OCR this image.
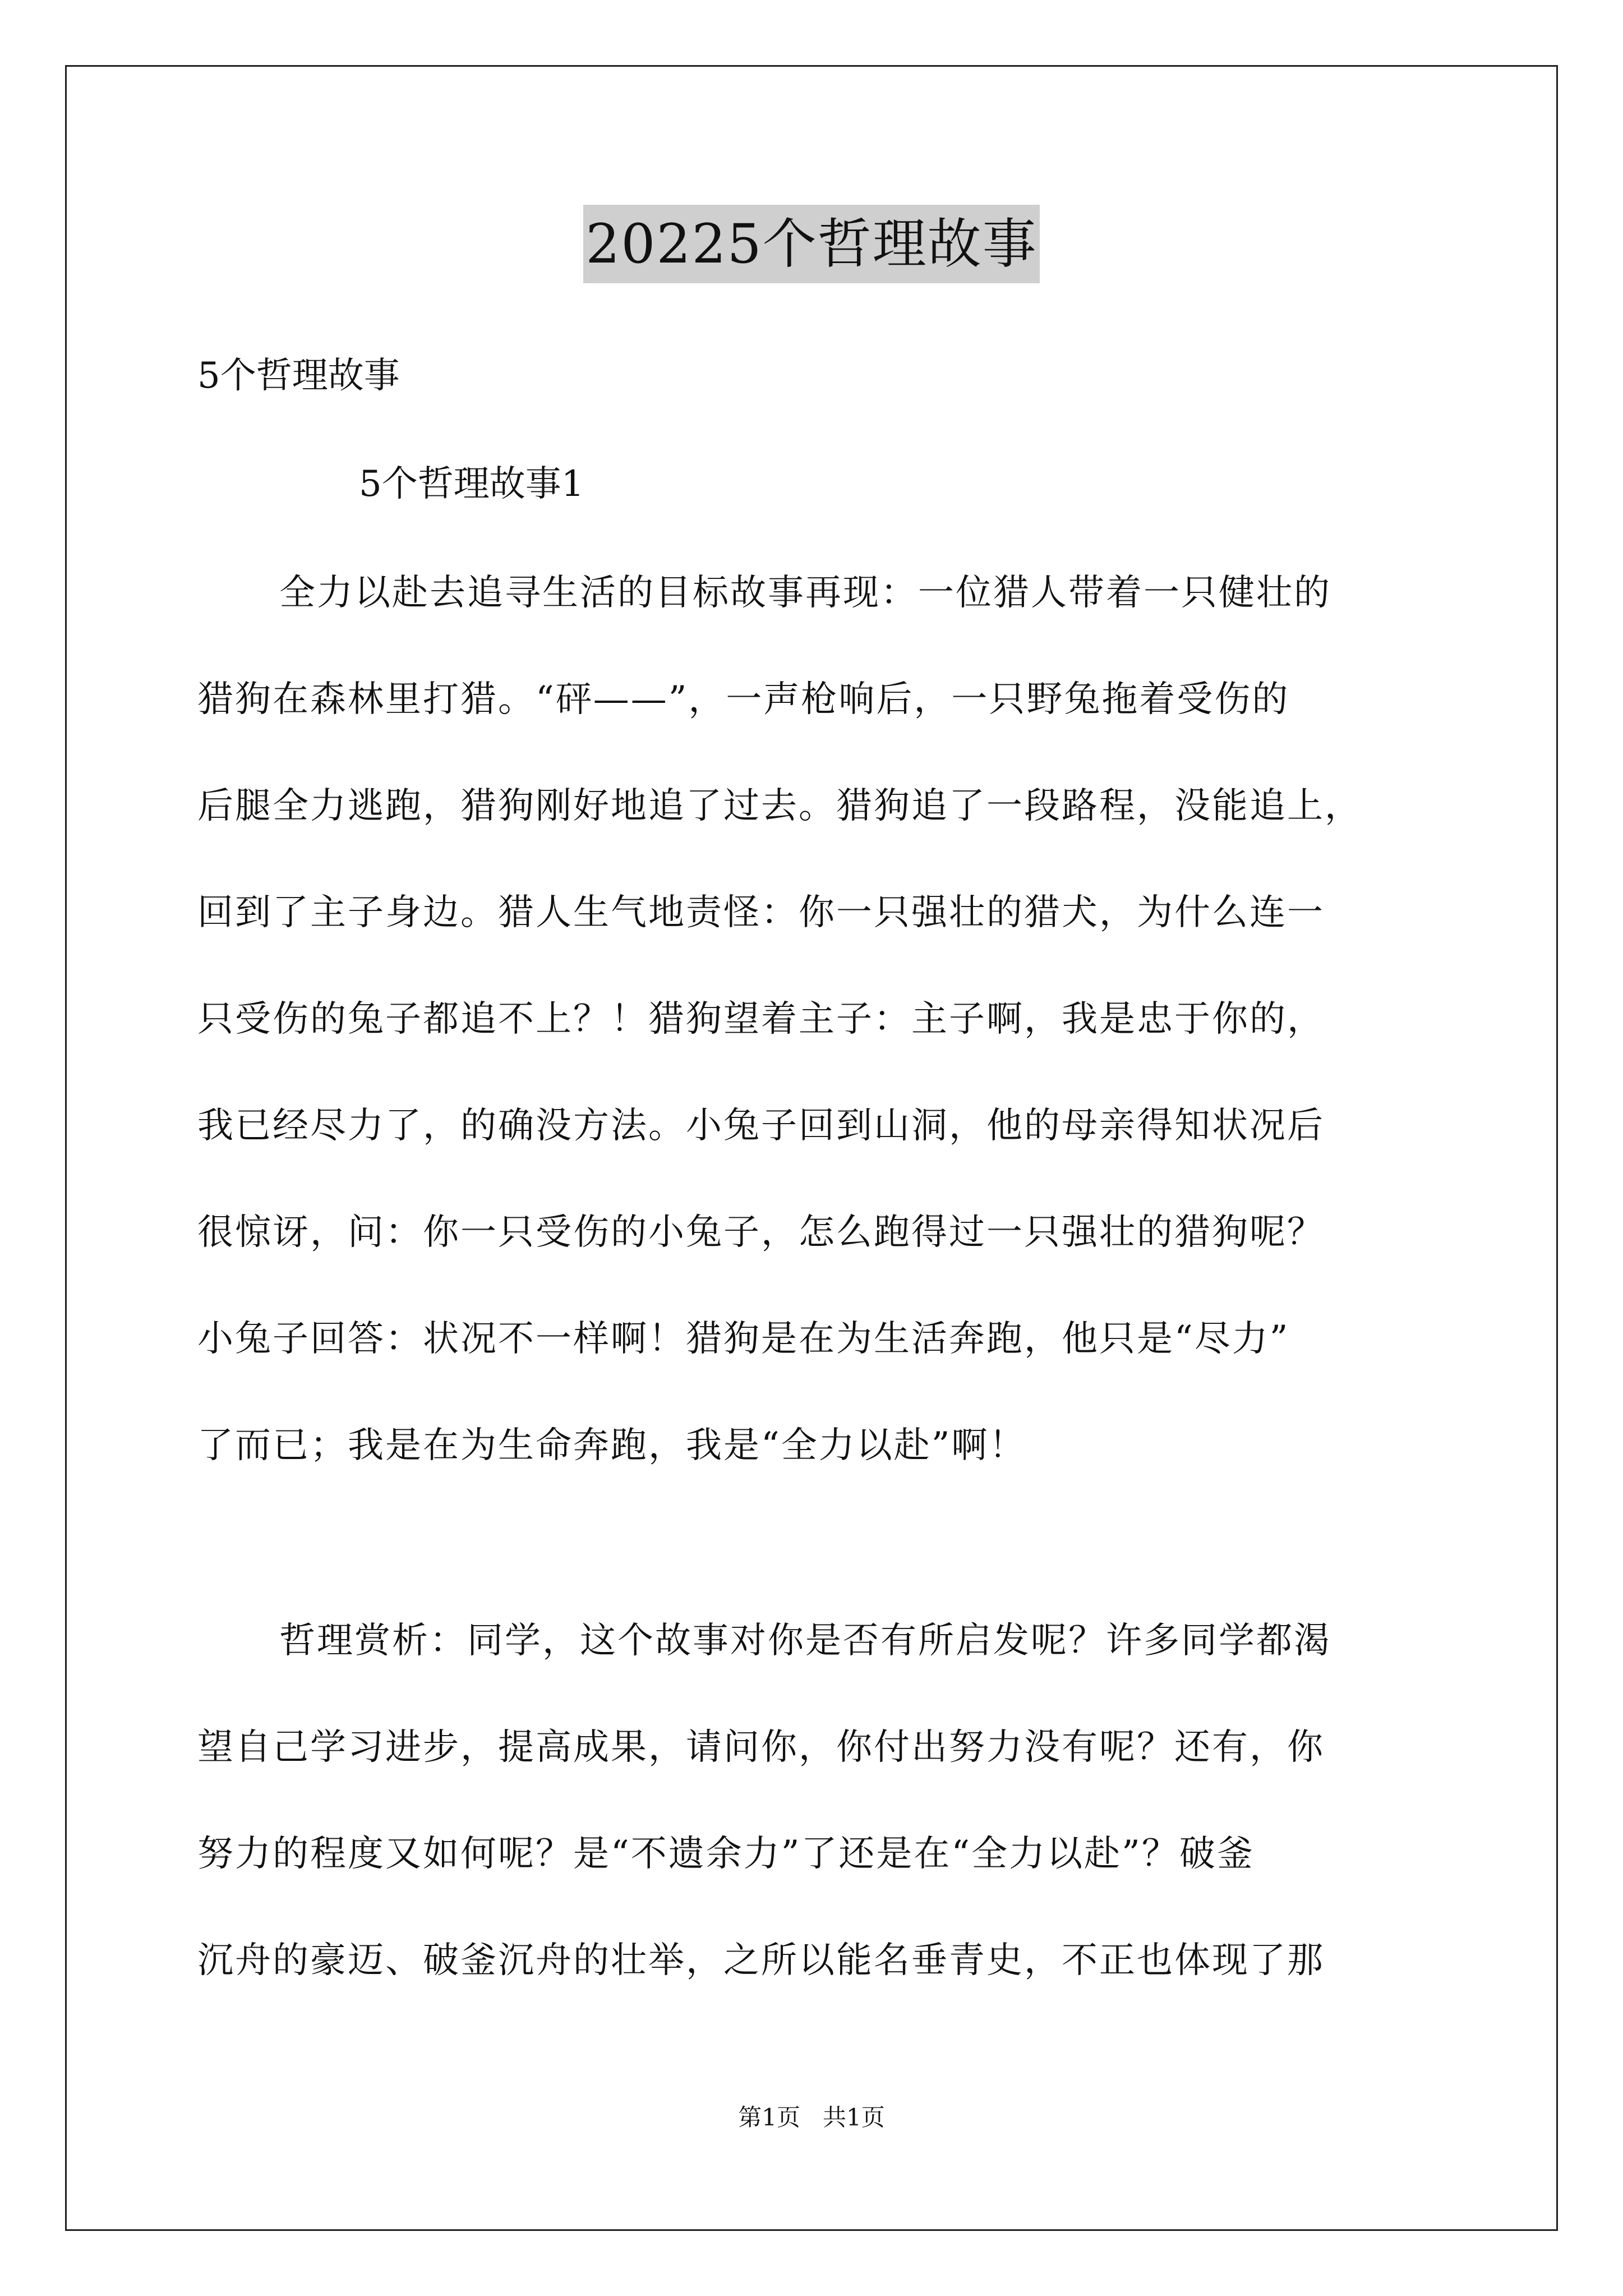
20225个哲理故事
5个哲理故事
5个哲理故事1
全力以赴去追寻生活的目标故事再现：一位猎人带着一只健壮的
猎狗在森林里打猎。“砰——”，一声枪响后，一只野兔拖着受伤的
后腿全力逃跑，猎狗刚好地追了过去。猎狗追了一段路程，没能追上，
回到了主子身边。猎人生气地责怪：你一只强壮的猎犬，为什么连一
只受伤的兔子都追不上？！猎狗望着主子：主子啊，我是忠于你的，
我已经尽力了，的确没方法。小兔子回到山洞，他的母亲得知状况后
很惊讶，问：你一只受伤的小兔子，怎么跑得过一只强壮的猎狗呢？
小兔子回答：状况不一样啊！猎狗是在为生活奔跑，他只是“尽力”
了而已；我是在为生命奔跑，我是“全力以赴”啊！
哲理赏析：同学，这个故事对你是否有所启发呢？许多同学都渴
望自己学习进步，提高成果，请问你，你付出努力没有呢？还有，你
努力的程度又如何呢？是“不遗余力”了还是在“全力以赴”？破釜
沉舟的豪迈、破釜沉舟的壮举，之所以能名垂青史，不正也体现了那
第1页   共1页
